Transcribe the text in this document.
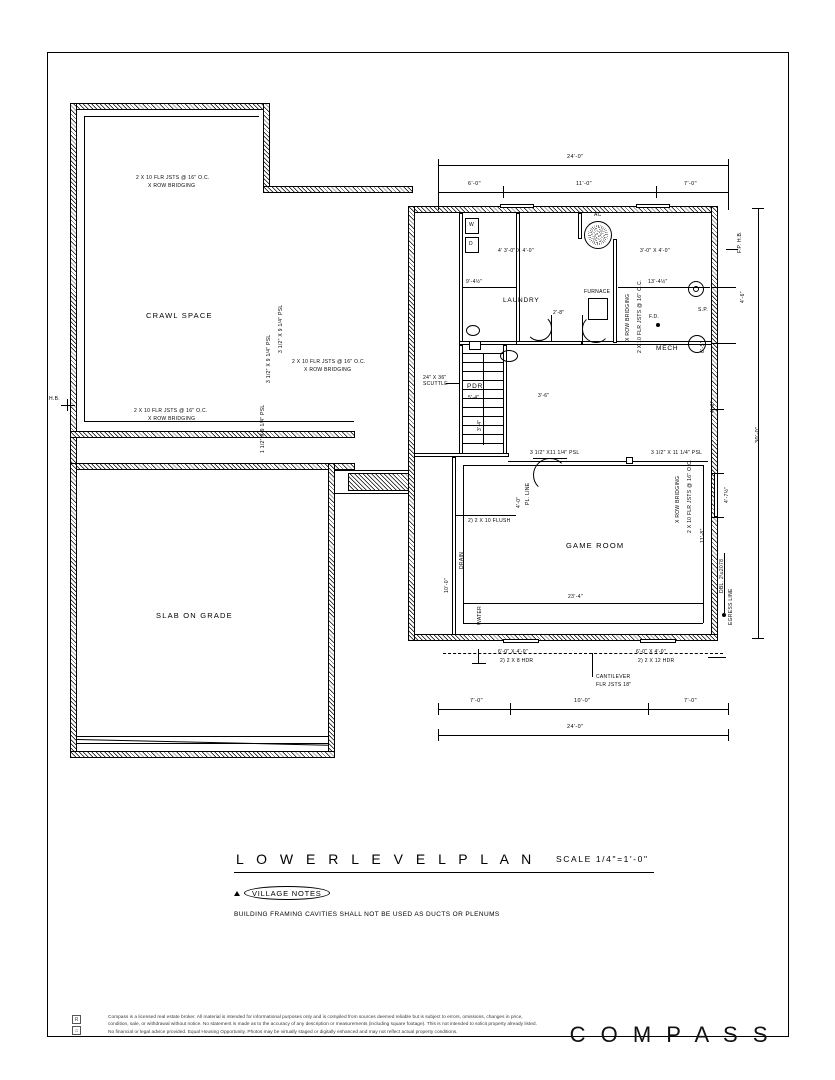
CRAWL SPACE
2 X 10 FLR JSTS @ 16" O.C.
X ROW BRIDGING
2 X 10 FLR JSTS @ 16" O.C.
X ROW BRIDGING
2 X 10 FLR JSTS @ 16" O.C.
X ROW BRIDGING
3 1/2" X 9 1/4" PSL
3 1/2" X 9 1/4" PSL
1 1/2" X 9 1/4" PSL
H.B.
SLAB ON GRADE
3'-4"
W
D
PDR
LAUNDRY
MECH
GAME ROOM
FURNACE
AC
S.P.
F.D.
WATER
DRAIN
2'-8"
3'-6"
5'-4"
4'-0" PL. LINE
24" X 36" SCUTTLE
2) 2 X 10 FLUSH
3 1/2" X11 1/4" PSL	3 1/2" X 11 1/4" PSL
X ROW BRIDGING 2 X 10 FLR JSTS @ 16" O.C.
X ROW BRIDGING 2 X 10 FLR JSTS @ 16" O.C.
EGRESS LINE
4' 3'-0" X 4'-0"	3'-0" X 4'-0"
6'-0" X 4'-0"	6'-0" X 4'-0"
2) 2 X 8 HDR	2) 2 X 12 HDR
DBL. 2\u2078
F.P. H.B.
CANTILEVER
FLR JSTS 18"
24'-0"
6'-0"	11'-0"	7'-0"
7'-0"	10'-0"	7'-0"
24'-0"
30'-0"
9'-4½"	13'-4½"
23'-4"
4'-6"
4'-6"
6'-5"
10'-0"
11'-8"
4'-7½"
L O W E R L E V E L P L A N SCALE 1/4"=1'-0"
VILLAGE NOTES
BUILDING FRAMING CAVITIES SHALL NOT BE USED AS DUCTS OR PLENUMS
R
⌂
Compass is a licensed real estate broker. All material is intended for informational purposes only and is compiled from sources deemed reliable but is subject to errors, omissions, changes in price, condition, sale, or withdrawal without notice. No statement is made as to the accuracy of any description or measurements (including square footage). This is not intended to solicit property already listed. No financial or legal advice provided. Equal Housing Opportunity. Photos may be virtually staged or digitally enhanced and may not reflect actual property conditions.	C O M P A S S
